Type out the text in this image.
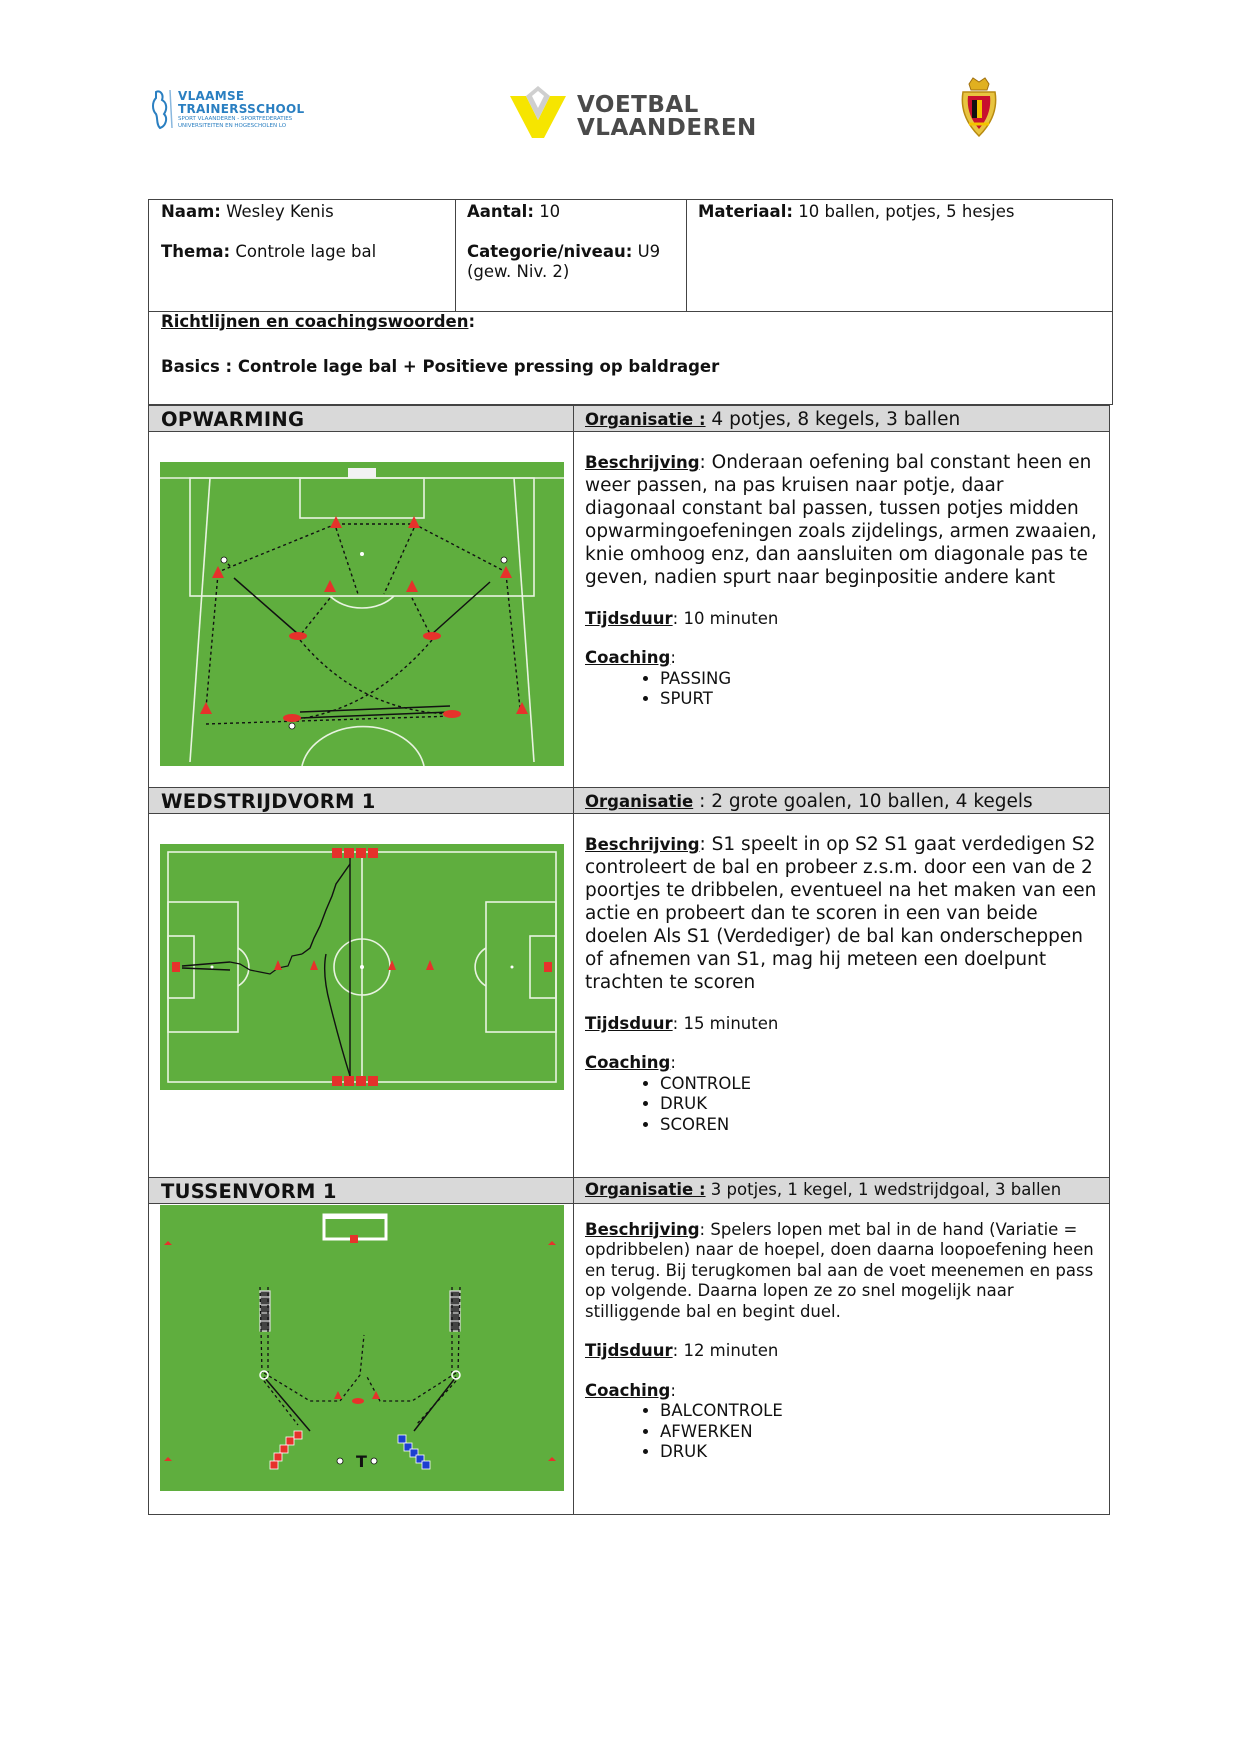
VLAAMSE
TRAINERSSCHOOL
SPORT VLAANDEREN - SPORTFEDERATIES
UNIVERSITEITEN EN HOGESCHOLEN LO
VOETBAL
VLAANDEREN
Naam: Wesley Kenis
Thema: Controle lage bal
Aantal: 10
Categorie/niveau: U9
(gew. Niv. 2)
Materiaal: 10 ballen, potjes, 5 hesjes
Richtlijnen en coachingswoorden:
Basics : Controle lage bal + Positieve pressing op baldrager
OPWARMING	Organisatie : 4 potjes, 8 kegels, 3 ballen

Beschrijving: Onderaan oefening bal constant heen en weer passen, na pas kruisen naar potje, daar diagonaal constant bal passen, tussen potjes midden opwarmingoefeningen zoals zijdelings, armen zwaaien, knie omhoog enz, dan aansluiten om diagonale pas te geven, nadien spurt naar beginpositie andere kant

Tijdsduur: 10 minuten

Coaching:

• PASSING
• SPURT
WEDSTRIJDVORM 1	Organisatie : 2 grote goalen, 10 ballen, 4 kegels

Beschrijving: S1 speelt in op S2 S1 gaat verdedigen S2 controleert de bal en probeer z.s.m. door een van de 2 poortjes te dribbelen, eventueel na het maken van een actie en probeert dan te scoren in een van beide doelen Als S1 (Verdediger) de bal kan onderscheppen of afnemen van S1, mag hij meteen een doelpunt trachten te scoren

Tijdsduur: 15 minuten

Coaching:

• CONTROLE
• DRUK
• SCOREN
TUSSENVORM 1
T

Organisatie : 3 potjes, 1 kegel, 1 wedstrijdgoal, 3 ballen

Beschrijving: Spelers lopen met bal in de hand (Variatie = opdribbelen) naar de hoepel, doen daarna loopoefening heen en terug. Bij terugkomen bal aan de voet meenemen en pass op volgende. Daarna lopen ze zo snel mogelijk naar stilliggende bal en begint duel.

Tijdsduur: 12 minuten

Coaching:

• BALCONTROLE
• AFWERKEN
• DRUK
